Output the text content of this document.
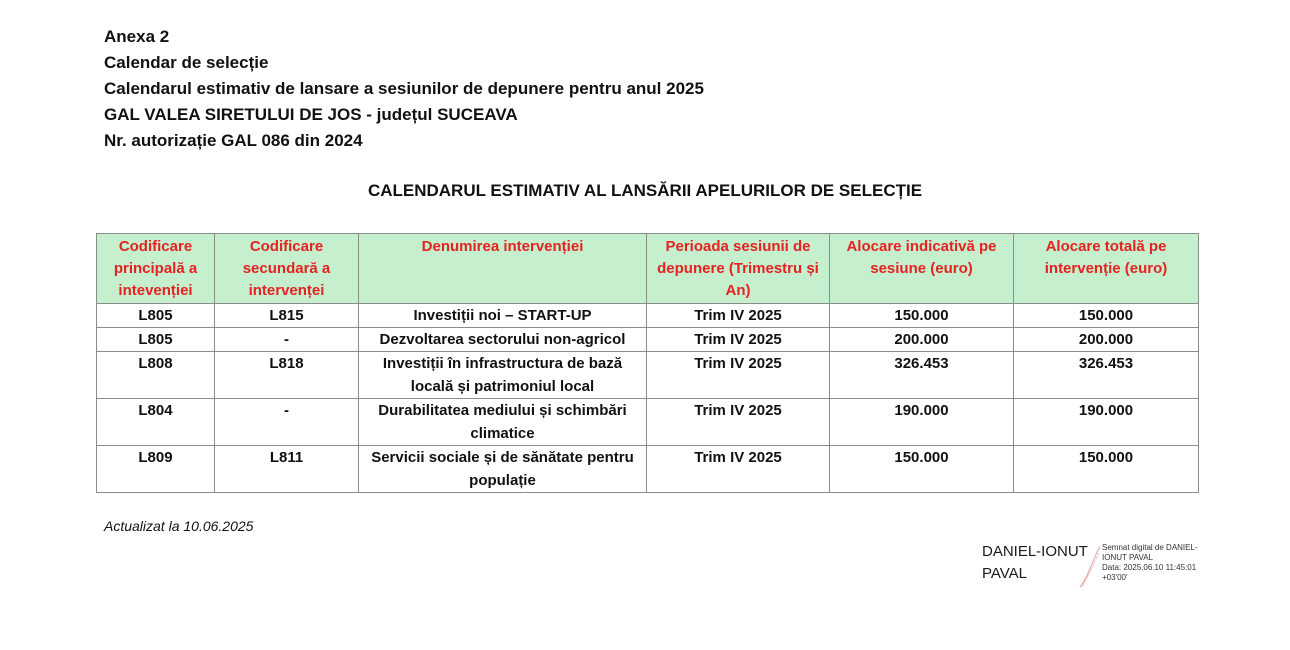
Anexa 2
Calendar de selecție
Calendarul estimativ de lansare a sesiunilor de depunere pentru anul 2025
GAL VALEA SIRETULUI DE JOS - județul SUCEAVA
Nr. autorizație GAL 086 din 2024
CALENDARUL ESTIMATIV AL LANSĂRII APELURILOR DE SELECȚIE
Codificare principală a intevenției	Codificare secundară a intervenței	Denumirea intervenției	Perioada sesiunii de depunere (Trimestru și An)	Alocare indicativă pe sesiune (euro)	Alocare totală pe intervenție (euro)
L805	L815	Investiții noi – START-UP	Trim IV 2025	150.000	150.000
L805	-	Dezvoltarea sectorului non-agricol	Trim IV 2025	200.000	200.000
L808	L818	Investiții în infrastructura de bază locală și patrimoniul local	Trim IV 2025	326.453	326.453
L804	-	Durabilitatea mediului și schimbări climatice	Trim IV 2025	190.000	190.000
L809	L811	Servicii sociale și de sănătate pentru populație	Trim IV 2025	150.000	150.000
Actualizat la 10.06.2025
DANIEL-IONUT
PAVAL
Semnat digital de DANIEL-
IONUT PAVAL
Data: 2025.06.10 11:45:01
+03'00'
